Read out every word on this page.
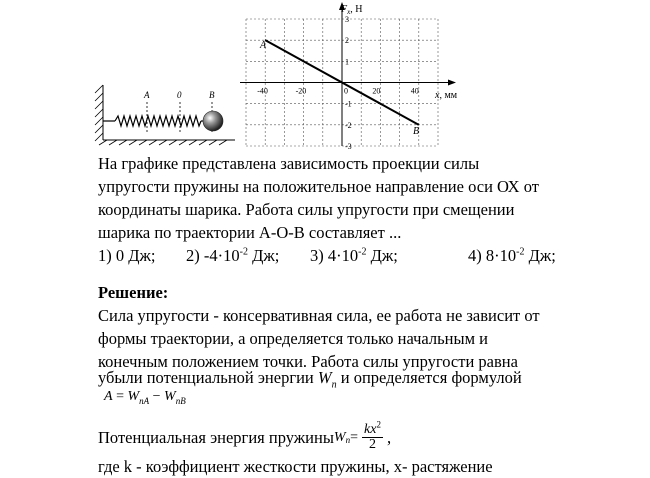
A	0	B	-40	-20	0	20	40
3
2
1
-1
-2
-3
$F_x$, Н
x, мм
A
B
На графике представлена зависимость проекции силы
упругости пружины на положительное направление оси ОХ от
координаты шарика. Работа силы упругости при смещении
шарика по траектории А-О-В составляет ...
1) 0 Дж; 2) $-4\cdot 10^{-2}$ Дж; 3) $4\cdot 10^{-2}$ Дж;	4) $8\cdot 10^{-2}$ Дж;
Решение:
Сила упругости - консервативная сила, ее работа не зависит от
формы траектории, а определяется только начальным и
конечным положением точки. Работа силы упругости равна
убыли потенциальной энергии $W_п$ и определяется формулой
$A = W_{пA} - W_{пB}$
Потенциальная энергия пружины $W_п = \frac{kx^2}{2}$ ,
где k - коэффициент жесткости пружины, x- растяжение
